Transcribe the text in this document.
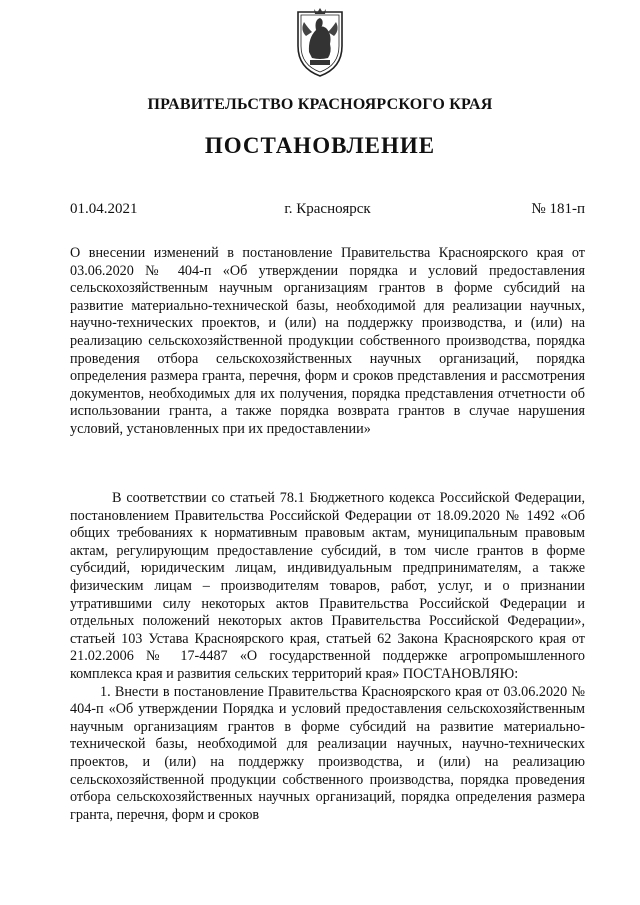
ПРАВИТЕЛЬСТВО КРАСНОЯРСКОГО КРАЯ
ПОСТАНОВЛЕНИЕ
01.04.2021	г. Красноярск	№ 181-п
О внесении изменений в постановление Правительства Красноярского края от 03.06.2020 № 404-п «Об утверждении порядка и условий предоставления сельскохозяйственным научным организациям грантов в форме субсидий на развитие материально-технической базы, необходимой для реализации научных, научно-технических проектов, и (или) на поддержку производства, и (или) на реализацию сельскохозяйственной продукции собственного производства, порядка проведения отбора сельскохозяйственных научных организаций, порядка определения размера гранта, перечня, форм и сроков представления и рассмотрения документов, необходимых для их получения, порядка представления отчетности об использовании гранта, а также порядка возврата грантов в случае нарушения условий, установленных при их предоставлении»

В соответствии со статьей 78.1 Бюджетного кодекса Российской Федерации, постановлением Правительства Российской Федерации от 18.09.2020 № 1492 «Об общих требованиях к нормативным правовым актам, муниципальным правовым актам, регулирующим предоставление субсидий, в том числе грантов в форме субсидий, юридическим лицам, индивидуальным предпринимателям, а также физическим лицам – производителям товаров, работ, услуг, и о признании утратившими силу некоторых актов Правительства Российской Федерации и отдельных положений некоторых актов Правительства Российской Федерации», статьей 103 Устава Красноярского края, статьей 62 Закона Красноярского края от 21.02.2006 № 17-4487 «О государственной поддержке агропромышленного комплекса края и развития сельских территорий края» ПОСТАНОВЛЯЮ:

1. Внести в постановление Правительства Красноярского края от 03.06.2020 № 404-п «Об утверждении Порядка и условий предоставления сельскохозяйственным научным организациям грантов в форме субсидий на развитие материально-технической базы, необходимой для реализации научных, научно-технических проектов, и (или) на поддержку производства, и (или) на реализацию сельскохозяйственной продукции собственного производства, порядка проведения отбора сельскохозяйственных научных организаций, порядка определения размера гранта, перечня, форм и сроков
